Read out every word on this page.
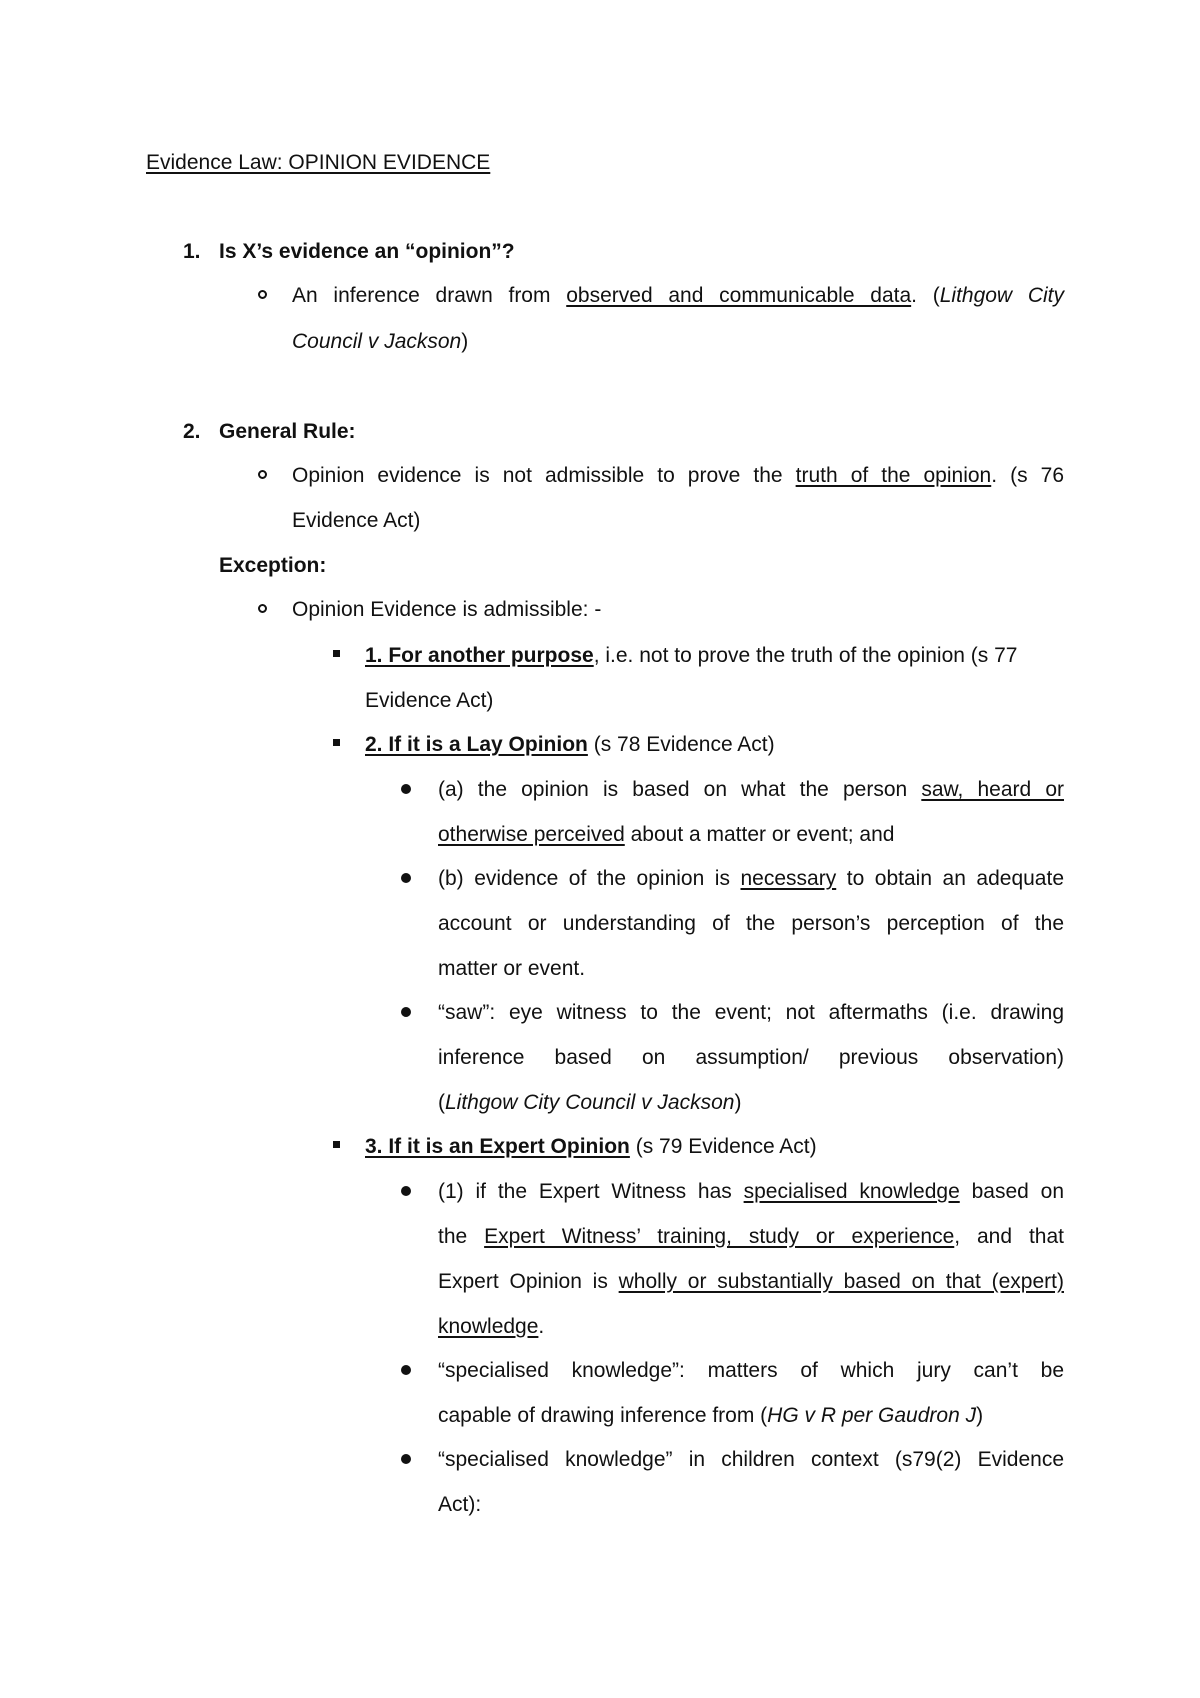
Evidence Law: OPINION EVIDENCE
1. Is X’s evidence an “opinion”?
An inference drawn from observed and communicable data. (Lithgow City
Council v Jackson)
2. General Rule:
Opinion evidence is not admissible to prove the truth of the opinion. (s 76
Evidence Act)
Exception:
Opinion Evidence is admissible: -
1. For another purpose, i.e. not to prove the truth of the opinion (s 77
Evidence Act)
2. If it is a Lay Opinion (s 78 Evidence Act)
(a) the opinion is based on what the person saw, heard or
otherwise perceived about a matter or event; and
(b) evidence of the opinion is necessary to obtain an adequate
account or understanding of the person’s perception of the
matter or event.
“saw”: eye witness to the event; not aftermaths (i.e. drawing
inference based on assumption/ previous observation)
(Lithgow City Council v Jackson)
3. If it is an Expert Opinion (s 79 Evidence Act)
(1) if the Expert Witness has specialised knowledge based on
the Expert Witness’ training, study or experience, and that
Expert Opinion is wholly or substantially based on that (expert)
knowledge.
“specialised knowledge”: matters of which jury can’t be
capable of drawing inference from (HG v R per Gaudron J)
“specialised knowledge” in children context (s79(2) Evidence
Act):
